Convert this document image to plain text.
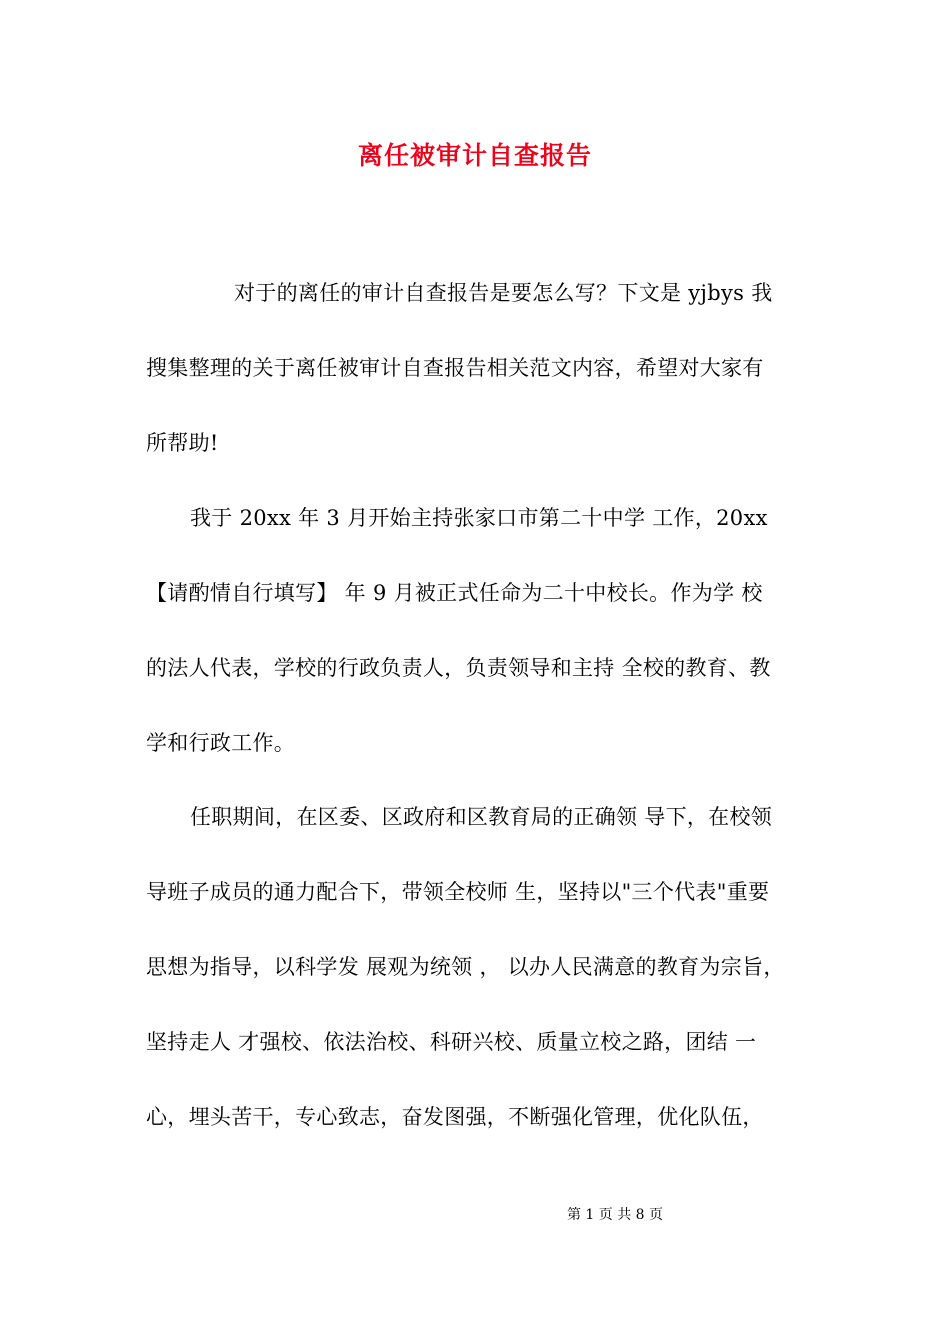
离任被审计自查报告
对于的离任的审计自查报告是要怎么写？下文是 yjbys 我
搜集整理的关于离任被审计自查报告相关范文内容，希望对大家有
所帮助!
我于 20xx 年 3 月开始主持张家口市第二十中学 工作，20xx
【请酌情自行填写】 年 9 月被正式任命为二十中校长。作为学 校
的法人代表，学校的行政负责人，负责领导和主持 全校的教育、教
学和行政工作。
任职期间，在区委、区政府和区教育局的正确领 导下，在校领
导班子成员的通力配合下，带领全校师 生，坚持以"三个代表"重要
思想为指导，以科学发 展观为统领 ， 以办人民满意的教育为宗旨，
坚持走人 才强校、依法治校、科研兴校、质量立校之路，团结 一
心，埋头苦干，专心致志，奋发图强，不断强化管理，优化队伍，
第 1 页 共 8 页
